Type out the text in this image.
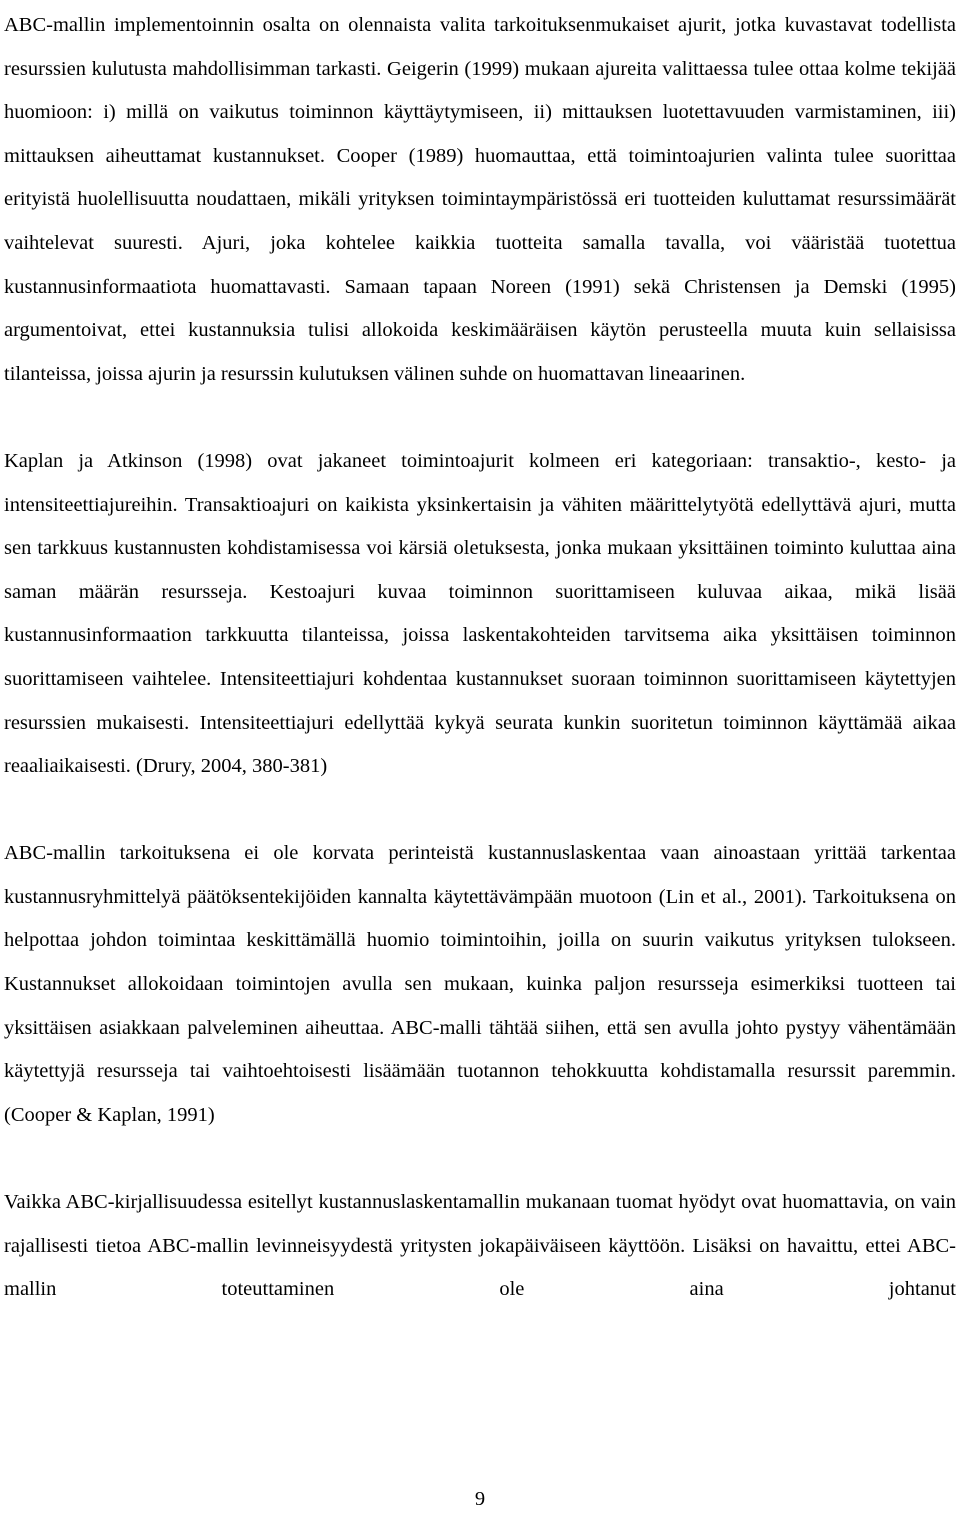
ABC-mallin implementoinnin osalta on olennaista valita tarkoituksenmukaiset ajurit, jotka kuvastavat todellista resurssien kulutusta mahdollisimman tarkasti. Geigerin (1999) mukaan ajureita valittaessa tulee ottaa kolme tekijää huomioon: i) millä on vaikutus toiminnon käyttäytymiseen, ii) mittauksen luotettavuuden varmistaminen, iii) mittauksen aiheuttamat kustannukset. Cooper (1989) huomauttaa, että toimintoajurien valinta tulee suorittaa erityistä huolellisuutta noudattaen, mikäli yrityksen toimintaympäristössä eri tuotteiden kuluttamat resurssimäärät vaihtelevat suuresti. Ajuri, joka kohtelee kaikkia tuotteita samalla tavalla, voi vääristää tuotettua kustannusinformaatiota huomattavasti. Samaan tapaan Noreen (1991) sekä Christensen ja Demski (1995) argumentoivat, ettei kustannuksia tulisi allokoida keskimääräisen käytön perusteella muuta kuin sellaisissa tilanteissa, joissa ajurin ja resurssin kulutuksen välinen suhde on huomattavan lineaarinen.

Kaplan ja Atkinson (1998) ovat jakaneet toimintoajurit kolmeen eri kategoriaan: transaktio-, kesto- ja intensiteettiajureihin. Transaktioajuri on kaikista yksinkertaisin ja vähiten määrittelytyötä edellyttävä ajuri, mutta sen tarkkuus kustannusten kohdistamisessa voi kärsiä oletuksesta, jonka mukaan yksittäinen toiminto kuluttaa aina saman määrän resursseja. Kestoajuri kuvaa toiminnon suorittamiseen kuluvaa aikaa, mikä lisää kustannusinformaation tarkkuutta tilanteissa, joissa laskentakohteiden tarvitsema aika yksittäisen toiminnon suorittamiseen vaihtelee. Intensiteettiajuri kohdentaa kustannukset suoraan toiminnon suorittamiseen käytettyjen resurssien mukaisesti. Intensiteettiajuri edellyttää kykyä seurata kunkin suoritetun toiminnon käyttämää aikaa reaaliaikaisesti. (Drury, 2004, 380-381)

ABC-mallin tarkoituksena ei ole korvata perinteistä kustannuslaskentaa vaan ainoastaan yrittää tarkentaa kustannusryhmittelyä päätöksentekijöiden kannalta käytettävämpään muotoon (Lin et al., 2001). Tarkoituksena on helpottaa johdon toimintaa keskittämällä huomio toimintoihin, joilla on suurin vaikutus yrityksen tulokseen. Kustannukset allokoidaan toimintojen avulla sen mukaan, kuinka paljon resursseja esimerkiksi tuotteen tai yksittäisen asiakkaan palveleminen aiheuttaa. ABC-malli tähtää siihen, että sen avulla johto pystyy vähentämään käytettyjä resursseja tai vaihtoehtoisesti lisäämään tuotannon tehokkuutta kohdistamalla resurssit paremmin. (Cooper & Kaplan, 1991)

Vaikka ABC-kirjallisuudessa esitellyt kustannuslaskentamallin mukanaan tuomat hyödyt ovat huomattavia, on vain rajallisesti tietoa ABC-mallin levinneisyydestä yritysten jokapäiväiseen käyttöön. Lisäksi on havaittu, ettei ABC-mallin toteuttaminen ole aina johtanut

9
